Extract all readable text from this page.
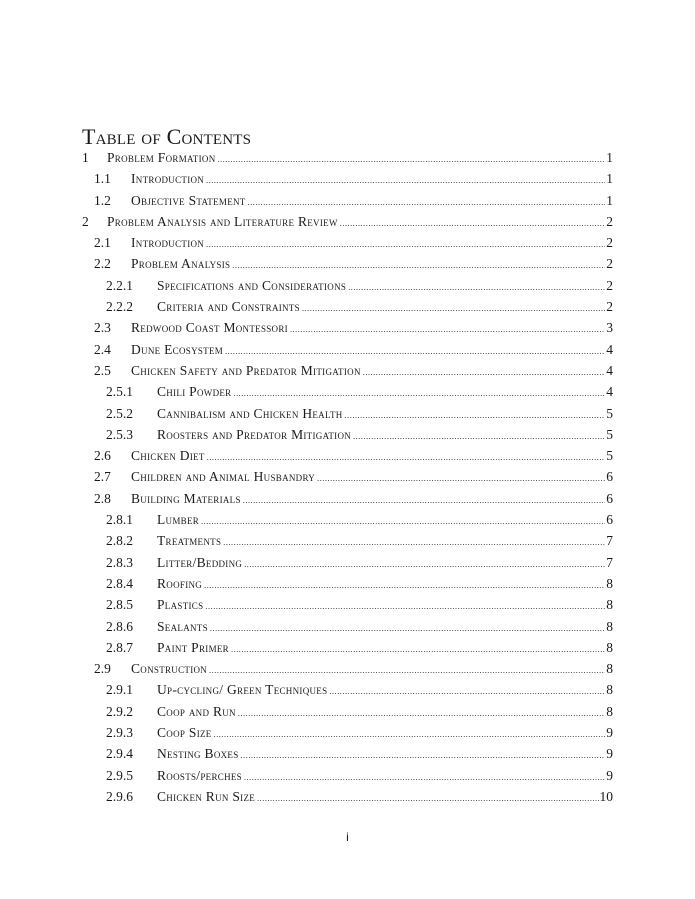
Table of Contents
1 Problem Formation .....	1
1.1 Introduction .....	1
1.2 Objective Statement .....	1
2 Problem Analysis and Literature Review .....	2
2.1 Introduction .....	2
2.2 Problem Analysis .....	2
2.2.1 Specifications and Considerations .....	2
2.2.2 Criteria and Constraints .....	2
2.3 Redwood Coast Montessori .....	3
2.4 Dune Ecosystem .....	4
2.5 Chicken Safety and Predator Mitigation .....	4
2.5.1 Chili Powder .....	4
2.5.2 Cannibalism and Chicken Health .....	5
2.5.3 Roosters and Predator Mitigation .....	5
2.6 Chicken Diet .....	5
2.7 Children and Animal Husbandry .....	6
2.8 Building Materials .....	6
2.8.1 Lumber .....	6
2.8.2 Treatments .....	7
2.8.3 Litter/Bedding .....	7
2.8.4 Roofing .....	8
2.8.5 Plastics .....	8
2.8.6 Sealants .....	8
2.8.7 Paint Primer .....	8
2.9 Construction .....	8
2.9.1 Up-cycling/ Green Techniques .....	8
2.9.2 Coop and Run .....	8
2.9.3 Coop Size .....	9
2.9.4 Nesting Boxes .....	9
2.9.5 Roosts/perches .....	9
2.9.6 Chicken Run Size .....	10
i
